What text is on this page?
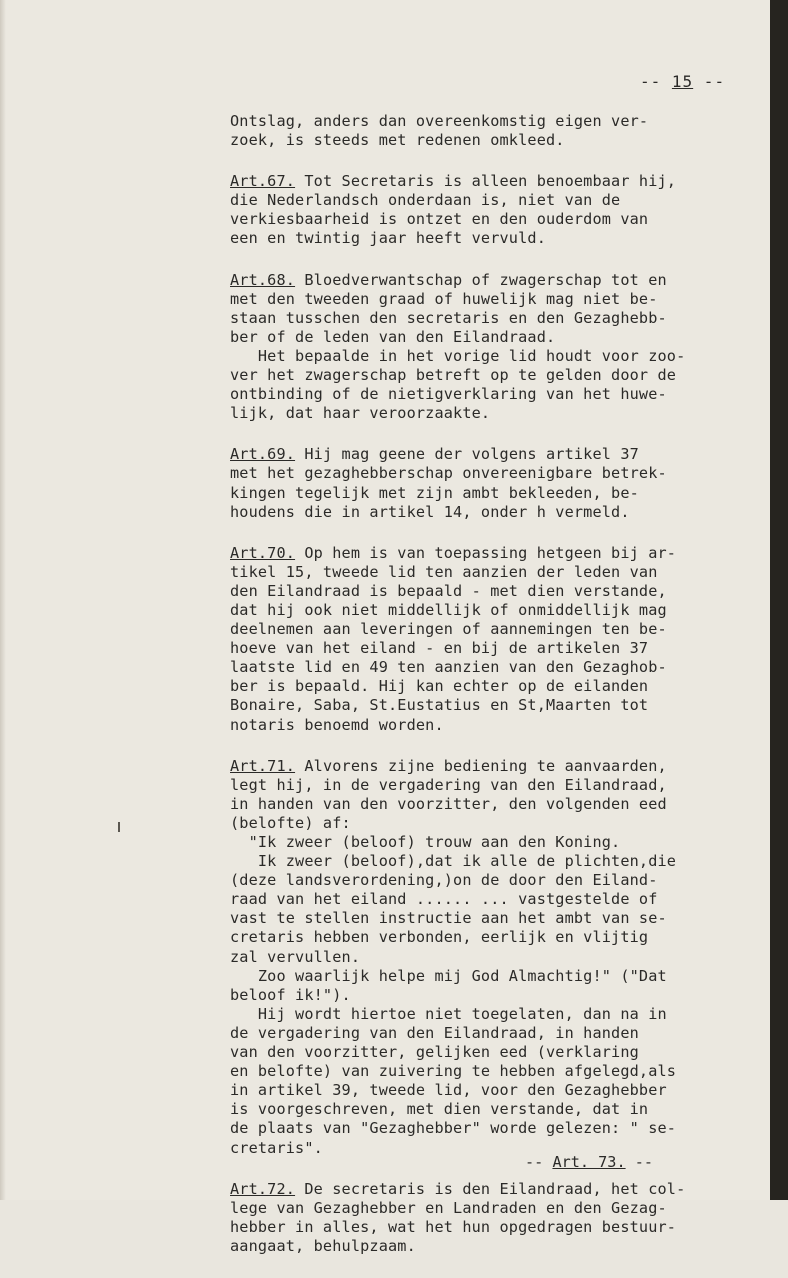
-- 15 --
Ontslag, anders dan overeenkomstig eigen ver-
zoek, is steeds met redenen omkleed.
Art.67. Tot Secretaris is alleen benoembaar hij,
die Nederlandsch onderdaan is, niet van de
verkiesbaarheid is ontzet en den ouderdom van
een en twintig jaar heeft vervuld.
Art.68. Bloedverwantschap of zwagerschap tot en
met den tweeden graad of huwelijk mag niet be-
staan tusschen den secretaris en den Gezaghebb-
ber of de leden van den Eilandraad.
Het bepaalde in het vorige lid houdt voor zoo-
ver het zwagerschap betreft op te gelden door de
ontbinding of de nietigverklaring van het huwe-
lijk, dat haar veroorzaakte.
Art.69. Hij mag geene der volgens artikel 37
met het gezaghebberschap onvereenigbare betrek-
kingen tegelijk met zijn ambt bekleeden, be-
houdens die in artikel 14, onder h vermeld.
Art.70. Op hem is van toepassing hetgeen bij ar-
tikel 15, tweede lid ten aanzien der leden van
den Eilandraad is bepaald - met dien verstande,
dat hij ook niet middellijk of onmiddellijk mag
deelnemen aan leveringen of aannemingen ten be-
hoeve van het eiland - en bij de artikelen 37
laatste lid en 49 ten aanzien van den Gezaghob-
ber is bepaald. Hij kan echter op de eilanden
Bonaire, Saba, St.Eustatius en St,Maarten tot
notaris benoemd worden.
Art.71. Alvorens zijne bediening te aanvaarden,
legt hij, in de vergadering van den Eilandraad,
in handen van den voorzitter, den volgenden eed
(belofte) af:
"Ik zweer (beloof) trouw aan den Koning.
Ik zweer (beloof),dat ik alle de plichten,die
(deze landsverordening,)on de door den Eiland-
raad van het eiland ...... ... vastgestelde of
vast te stellen instructie aan het ambt van se-
cretaris hebben verbonden, eerlijk en vlijtig
zal vervullen.
Zoo waarlijk helpe mij God Almachtig!" ("Dat
beloof ik!").
Hij wordt hiertoe niet toegelaten, dan na in
de vergadering van den Eilandraad, in handen
van den voorzitter, gelijken eed (verklaring
en belofte) van zuivering te hebben afgelegd,als
in artikel 39, tweede lid, voor den Gezaghebber
is voorgeschreven, met dien verstande, dat in
de plaats van "Gezaghebber" worde gelezen: " se-
cretaris".
Art.72. De secretaris is den Eilandraad, het col-
lege van Gezaghebber en Landraden en den Gezag-
hebber in alles, wat het hun opgedragen bestuur-
aangaat, behulpzaam.
-- Art. 73. --
